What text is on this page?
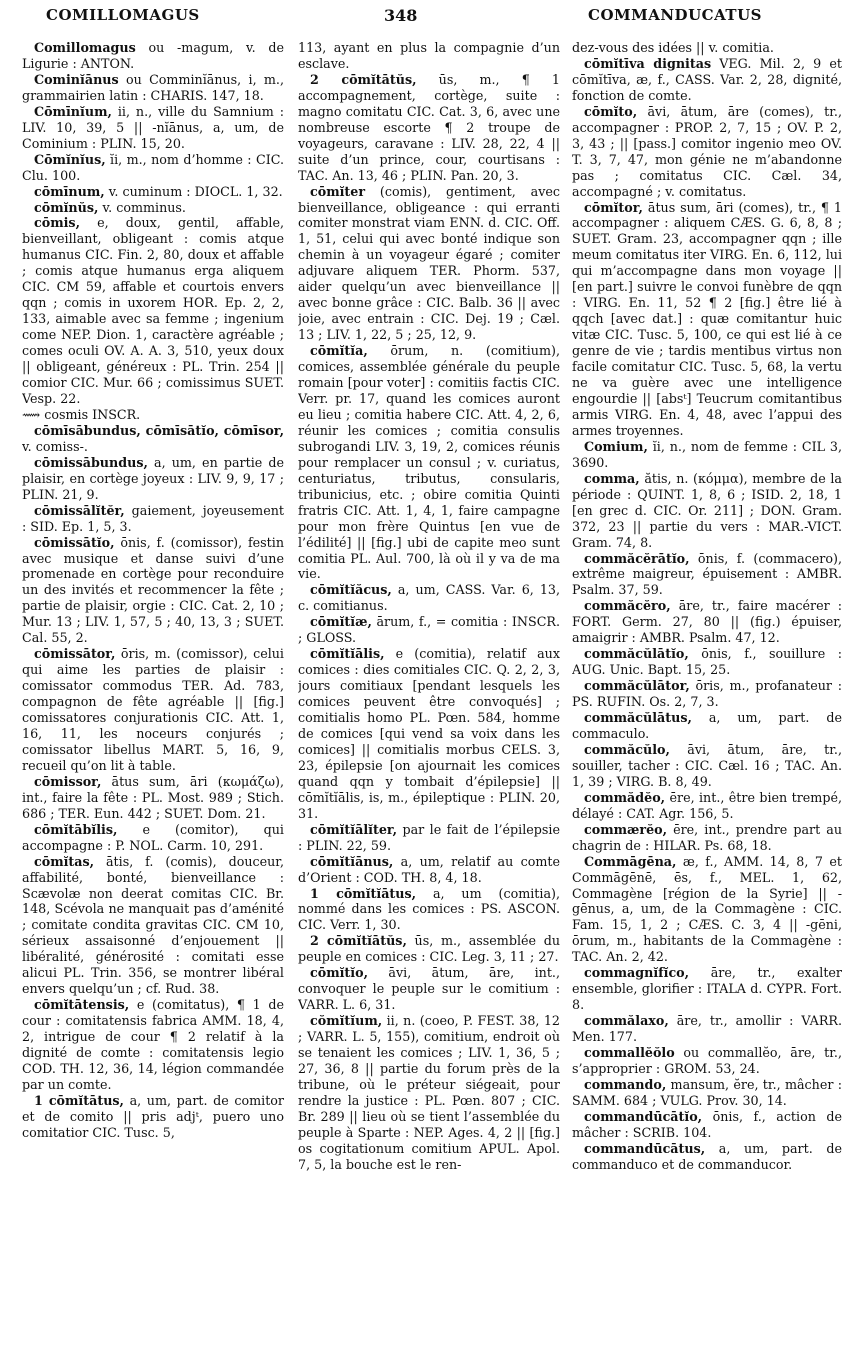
COMILLOMAGUS	348	COMMANDUCATUS

Comillomagus ou -magum, v. de Ligurie : ANTON.

Cominĭānus ou Comminĭānus, i, m., grammairien latin : CHARIS. 147, 18.

Cōmīnĭum, ii, n., ville du Samnium : LIV. 10, 39, 5 || -nĭānus, a, um, de Cominium : PLIN. 15, 20.

Cōmĭnĭus, ĭi, m., nom d’homme : CIC. Clu. 100.

cōmīnum, v. cuminum : DIOCL. 1, 32.

cōmĭnŭs, v. comminus.

cōmis, e, doux, gentil, affable, bienveillant, obligeant : comis atque humanus CIC. Fin. 2, 80, doux et affable ; comis atque humanus erga aliquem CIC. CM 59, affable et courtois envers qqn ; comis in uxorem HOR. Ep. 2, 2, 133, aimable avec sa femme ; ingenium come NEP. Dion. 1, caractère agréable ; comes oculi OV. A. A. 3, 510, yeux doux || obligeant, généreux : PL. Trin. 254 || comior CIC. Mur. 66 ; comissimus SUET. Vesp. 22.

⟿ cosmis INSCR.

cōmīsābundus, cōmīsātĭo, cōmīsor, v. comiss-.

cōmissābundus, a, um, en partie de plaisir, en cortège joyeux : LIV. 9, 9, 17 ; PLIN. 21, 9.

cōmissālĭtĕr, gaiement, joyeusement : SID. Ep. 1, 5, 3.

cōmissātĭo, ōnis, f. (comissor), festin avec musique et danse suivi d’une promenade en cortège pour reconduire un des invités et recommencer la fête ; partie de plaisir, orgie : CIC. Cat. 2, 10 ; Mur. 13 ; LIV. 1, 57, 5 ; 40, 13, 3 ; SUET. Cal. 55, 2.

cōmissātor, ōris, m. (comissor), celui qui aime les parties de plaisir : comissator commodus TER. Ad. 783, compagnon de fête agréable || [fig.] comissatores conjurationis CIC. Att. 1, 16, 11, les noceurs conjurés ; comissator libellus MART. 5, 16, 9, recueil qu’on lit à table.

cōmissor, ātus sum, āri (κωμάζω), int., faire la fête : PL. Most. 989 ; Stich. 686 ; TER. Eun. 442 ; SUET. Dom. 21.

cōmĭtābĭlis, e (comitor), qui accompagne : P. NOL. Carm. 10, 291.

cōmĭtas, ātis, f. (comis), douceur, affabilité, bonté, bienveillance : Scævolæ non deerat comitas CIC. Br. 148, Scévola ne manquait pas d’aménité ; comitate condita gravitas CIC. CM 10, sérieux assaisonné d’enjouement || libéralité, générosité : comitati esse alicui PL. Trin. 356, se montrer libéral envers quelqu’un ; cf. Rud. 38.

cōmĭtātensis, e (comitatus), ¶ 1 de cour : comitatensis fabrica AMM. 18, 4, 2, intrigue de cour ¶ 2 relatif à la dignité de comte : comitatensis legio COD. TH. 12, 36, 14, légion commandée par un comte.

1 cōmĭtātus, a, um, part. de comitor et de comito || pris adjᵗ, puero uno comitatior CIC. Tusc. 5,

113, ayant en plus la compagnie d’un esclave.

2 cōmĭtātŭs, ūs, m., ¶ 1 accompagnement, cortège, suite : magno comitatu CIC. Cat. 3, 6, avec une nombreuse escorte ¶ 2 troupe de voyageurs, caravane : LIV. 28, 22, 4 || suite d’un prince, cour, courtisans : TAC. An. 13, 46 ; PLIN. Pan. 20, 3.

cōmĭter (comis), gentiment, avec bienveillance, obligeance : qui erranti comiter monstrat viam ENN. d. CIC. Off. 1, 51, celui qui avec bonté indique son chemin à un voyageur égaré ; comiter adjuvare aliquem TER. Phorm. 537, aider quelqu’un avec bienveillance || avec bonne grâce : CIC. Balb. 36 || avec joie, avec entrain : CIC. Dej. 19 ; Cæl. 13 ; LIV. 1, 22, 5 ; 25, 12, 9.

cōmĭtĭa, ōrum, n. (comitium), comices, assemblée générale du peuple romain [pour voter] : comitiis factis CIC. Verr. pr. 17, quand les comices auront eu lieu ; comitia habere CIC. Att. 4, 2, 6, réunir les comices ; comitia consulis subrogandi LIV. 3, 19, 2, comices réunis pour remplacer un consul ; v. curiatus, centuriatus, tributus, consularis, tribunicius, etc. ; obire comitia Quinti fratris CIC. Att. 1, 4, 1, faire campagne pour mon frère Quintus [en vue de l’édilité] || [fig.] ubi de capite meo sunt comitia PL. Aul. 700, là où il y va de ma vie.

cōmĭtĭăcus, a, um, CASS. Var. 6, 13, c. comitianus.

cōmĭtĭæ, ārum, f., = comitia : INSCR. ; GLOSS.

cōmĭtĭālis, e (comitia), relatif aux comices : dies comitiales CIC. Q. 2, 2, 3, jours comitiaux [pendant lesquels les comices peuvent être convoqués] ; comitialis homo PL. Pœn. 584, homme de comices [qui vend sa voix dans les comices] || comitialis morbus CELS. 3, 23, épilepsie [on ajournait les comices quand qqn y tombait d’épilepsie] || cōmĭtĭālis, is, m., épileptique : PLIN. 20, 31.

cōmĭtĭālĭter, par le fait de l’épilepsie : PLIN. 22, 59.

cōmĭtĭānus, a, um, relatif au comte d’Orient : COD. TH. 8, 4, 18.

1 cōmĭtĭātus, a, um (comitia), nommé dans les comices : PS. ASCON. CIC. Verr. 1, 30.

2 cōmĭtĭātŭs, ūs, m., assemblée du peuple en comices : CIC. Leg. 3, 11 ; 27.

cōmĭtĭo, āvi, ātum, āre, int., convoquer le peuple sur le comitium : VARR. L. 6, 31.

cŏmĭtĭum, ii, n. (coeo, P. FEST. 38, 12 ; VARR. L. 5, 155), comitium, endroit où se tenaient les comices ; LIV. 1, 36, 5 ; 27, 36, 8 || partie du forum près de la tribune, où le préteur siégeait, pour rendre la justice : PL. Pœn. 807 ; CIC. Br. 289 || lieu où se tient l’assemblée du peuple à Sparte : NEP. Ages. 4, 2 || [fig.] os cogitationum comitium APUL. Apol. 7, 5, la bouche est le ren-

dez-vous des idées || v. comitia.

cōmĭtīva dignitas VEG. Mil. 2, 9 et cōmĭtīva, æ, f., CASS. Var. 2, 28, dignité, fonction de comte.

cōmĭto, āvi, ātum, āre (comes), tr., accompagner : PROP. 2, 7, 15 ; OV. P. 2, 3, 43 ; || [pass.] comitor ingenio meo OV. T. 3, 7, 47, mon génie ne m’abandonne pas ; comitatus CIC. Cæl. 34, accompagné ; v. comitatus.

cōmĭtor, ātus sum, āri (comes), tr., ¶ 1 accompagner : aliquem CÆS. G. 6, 8, 8 ; SUET. Gram. 23, accompagner qqn ; ille meum comitatus iter VIRG. En. 6, 112, lui qui m’accompagne dans mon voyage || [en part.] suivre le convoi funèbre de qqn : VIRG. En. 11, 52 ¶ 2 [fig.] être lié à qqch [avec dat.] : quæ comitantur huic vitæ CIC. Tusc. 5, 100, ce qui est lié à ce genre de vie ; tardis mentibus virtus non facile comitatur CIC. Tusc. 5, 68, la vertu ne va guère avec une intelligence engourdie || [absᵗ] Teucrum comitantibus armis VIRG. En. 4, 48, avec l’appui des armes troyennes.

Comium, ĭi, n., nom de femme : CIL 3, 3690.

comma, ătis, n. (κόμμα), membre de la période : QUINT. 1, 8, 6 ; ISID. 2, 18, 1 [en grec d. CIC. Or. 211] ; DON. Gram. 372, 23 || partie du vers : MAR.-VICT. Gram. 74, 8.

commăcĕrātĭo, ōnis, f. (commacero), extrême maigreur, épuisement : AMBR. Psalm. 37, 59.

commăcĕro, āre, tr., faire macérer : FORT. Germ. 27, 80 || (fig.) épuiser, amaigrir : AMBR. Psalm. 47, 12.

commăcŭlātĭo, ōnis, f., souillure : AUG. Unic. Bapt. 15, 25.

commăcŭlātor, ōris, m., profanateur : PS. RUFIN. Os. 2, 7, 3.

commăcŭlātus, a, um, part. de commaculo.

commăcŭlo, āvi, ātum, āre, tr., souiller, tacher : CIC. Cæl. 16 ; TAC. An. 1, 39 ; VIRG. B. 8, 49.

commădĕo, ēre, int., être bien trempé, délayé : CAT. Agr. 156, 5.

commærĕo, ēre, int., prendre part au chagrin de : HILAR. Ps. 68, 18.

Commāgēna, æ, f., AMM. 14, 8, 7 et Commāgēnē, ēs, f., MEL. 1, 62, Commagène [région de la Syrie] || -gēnus, a, um, de la Commagène : CIC. Fam. 15, 1, 2 ; CÆS. C. 3, 4 || -gēni, ōrum, m., habitants de la Commagène : TAC. An. 2, 42.

commagnĭfĭco, āre, tr., exalter ensemble, glorifier : ITALA d. CYPR. Fort. 8.

commălaxo, āre, tr., amollir : VARR. Men. 177.

commallĕŏlo ou commallĕo, āre, tr., s’approprier : GROM. 53, 24.

commando, mansum, ĕre, tr., mâcher : SAMM. 684 ; VULG. Prov. 30, 14.

commandūcātĭo, ōnis, f., action de mâcher : SCRIB. 104.

commandūcātus, a, um, part. de commanduco et de commanducor.
